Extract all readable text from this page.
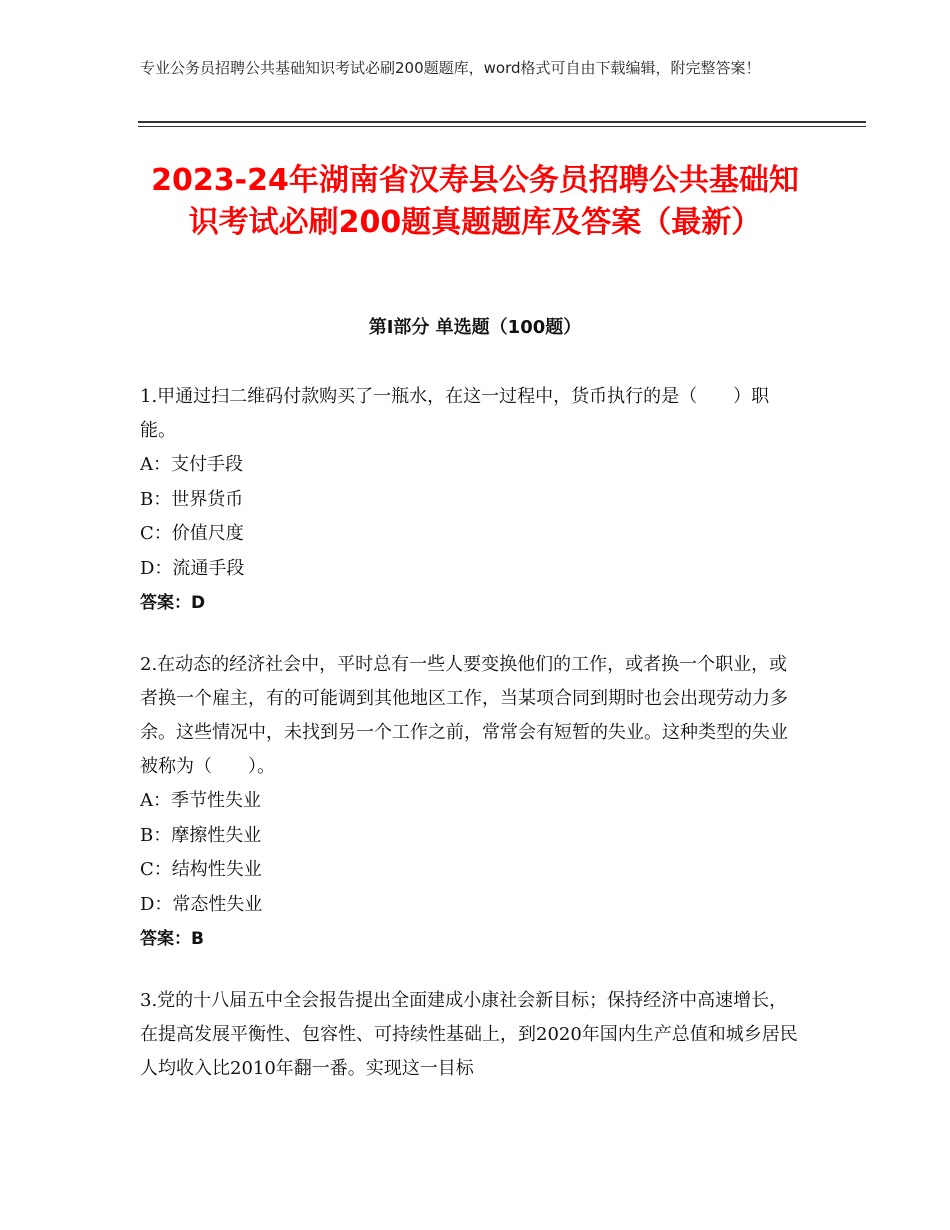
专业公务员招聘公共基础知识考试必刷200题题库，word格式可自由下载编辑，附完整答案！
2023-24年湖南省汉寿县公务员招聘公共基础知识考试必刷200题真题题库及答案（最新）
第I部分 单选题（100题）

1.甲通过扫二维码付款购买了一瓶水，在这一过程中，货币执行的是（　　）职能。

A：支付手段

B：世界货币

C：价值尺度

D：流通手段

答案：D

2.在动态的经济社会中，平时总有一些人要变换他们的工作，或者换一个职业，或者换一个雇主，有的可能调到其他地区工作，当某项合同到期时也会出现劳动力多余。这些情况中，未找到另一个工作之前，常常会有短暂的失业。这种类型的失业被称为（　　）。

A：季节性失业

B：摩擦性失业

C：结构性失业

D：常态性失业

答案：B

3.党的十八届五中全会报告提出全面建成小康社会新目标；保持经济中高速增长，在提高发展平衡性、包容性、可持续性基础上，到2020年国内生产总值和城乡居民人均收入比2010年翻一番。实现这一目标
